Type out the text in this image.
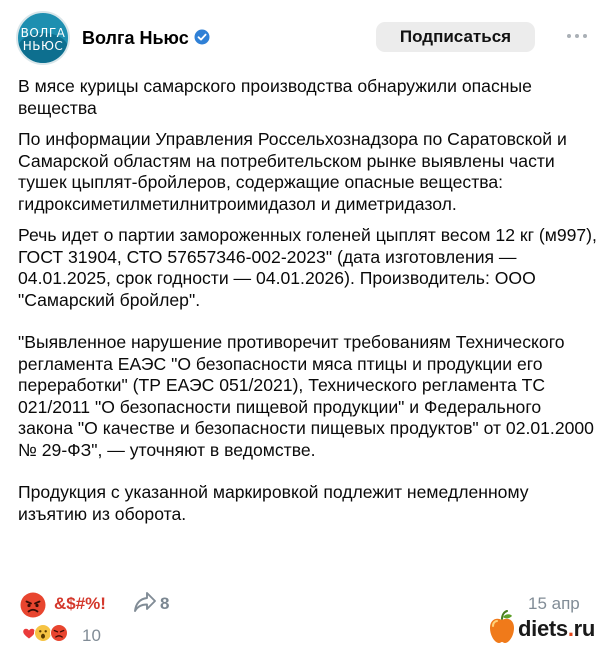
ВОЛГА
НЬЮС Волга Ньюс	Подписаться

В мясе курицы самарского производства обнаружили опасные вещества

По информации Управления Россельхознадзора по Саратовской и Самарской областям на потребительском рынке выявлены части тушек цыплят-бройлеров, содержащие опасные вещества: гидроксиметилметилнитроимидазол и диметридазол.

Речь идет о партии замороженных голеней цыплят весом 12 кг (м997), ГОСТ 31904, СТО 57657346-002-2023" (дата изготовления — 04.01.2025, срок годности — 04.01.2026). Производитель: ООО "Самарский бройлер".

"Выявленное нарушение противоречит требованиям Технического регламента ЕАЭС "О безопасности мяса птицы и продукции его переработки" (ТР ЕАЭС 051/2021), Технического регламента ТС 021/2011 "О безопасности пищевой продукции" и Федерального закона "О качестве и безопасности пищевых продуктов" от 02.01.2000 № 29-ФЗ", — уточняют в ведомстве.

Продукция с указанной маркировкой подлежит немедленному изъятию из оборота.

&$#%!	8	15 апр
10	diets.ru
